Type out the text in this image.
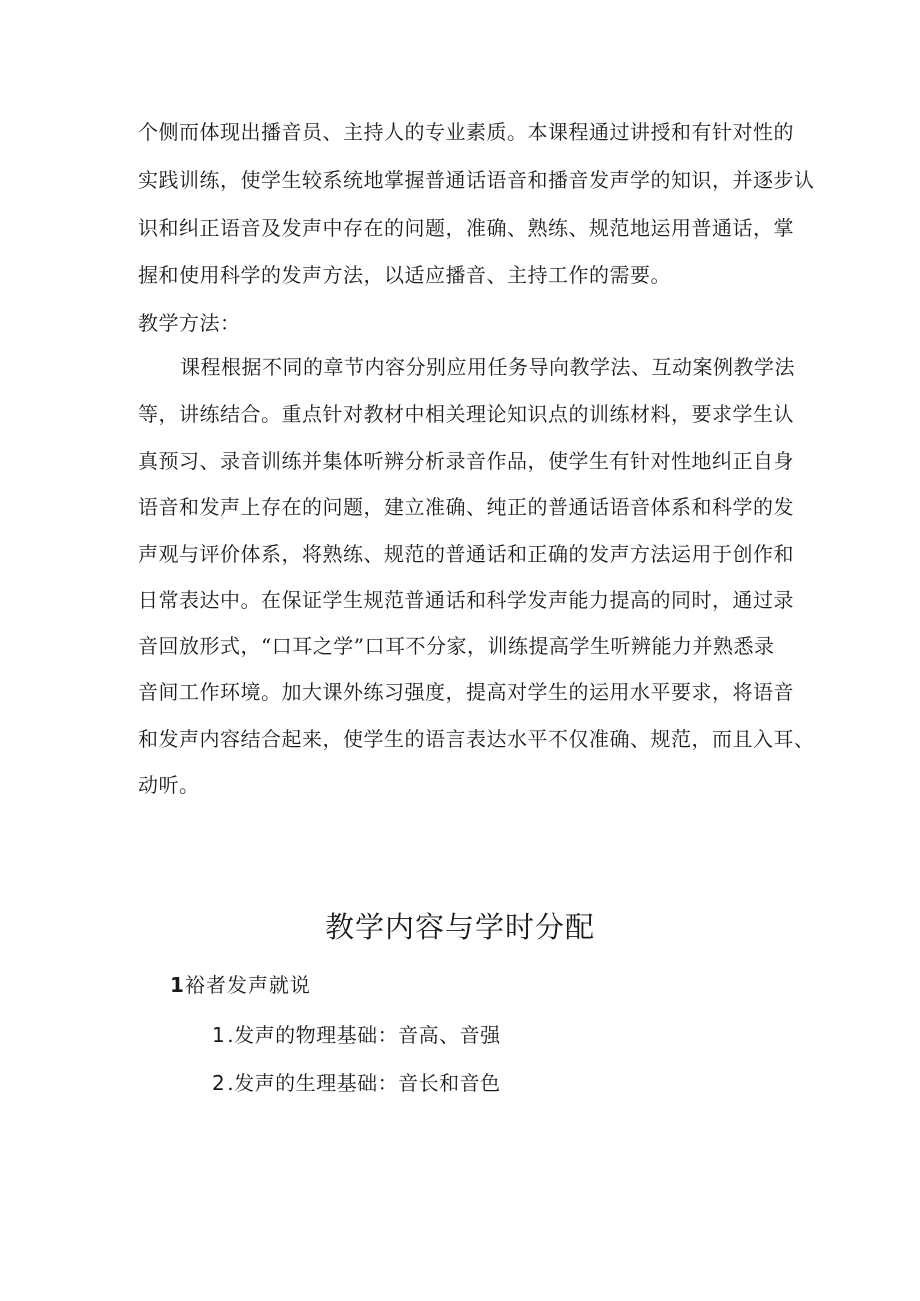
个侧而体现出播音员、主持人的专业素质。本课程通过讲授和有针对性的
实践训练，使学生较系统地掌握普通话语音和播音发声学的知识，并逐步认
识和纠正语音及发声中存在的问题，准确、熟练、规范地运用普通话，掌
握和使用科学的发声方法，以适应播音、主持工作的需要。
教学方法：
课程根据不同的章节内容分别应用任务导向教学法、互动案例教学法
等，讲练结合。重点针对教材中相关理论知识点的训练材料，要求学生认
真预习、录音训练并集体听辨分析录音作品，使学生有针对性地纠正自身
语音和发声上存在的问题，建立准确、纯正的普通话语音体系和科学的发
声观与评价体系，将熟练、规范的普通话和正确的发声方法运用于创作和
日常表达中。在保证学生规范普通话和科学发声能力提高的同时，通过录
音回放形式，“口耳之学”口耳不分家，训练提高学生听辨能力并熟悉录
音间工作环境。加大课外练习强度，提高对学生的运用水平要求，将语音
和发声内容结合起来，使学生的语言表达水平不仅准确、规范，而且入耳、
动听。
教学内容与学时分配
1裕者发声就说
1 .发声的物理基础：音高、音强
2 .发声的生理基础：音长和音色
